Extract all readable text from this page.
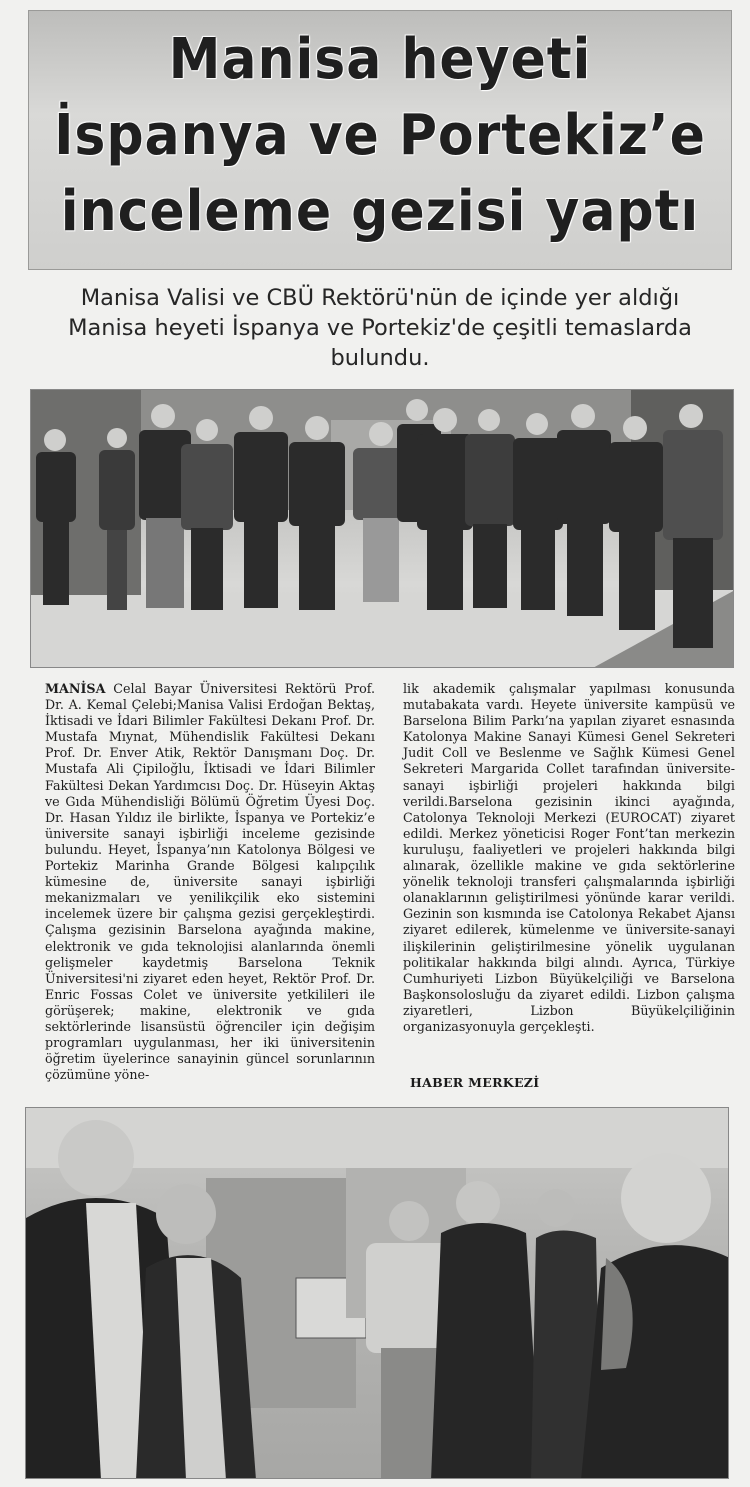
Manisa heyeti
İspanya ve Portekiz’e
inceleme gezisi yaptı

Manisa Valisi ve CBÜ Rektörü'nün de içinde yer aldığı Manisa heyeti İspanya ve Portekiz'de çeşitli temaslarda bulundu.

MANİSA Celal Bayar Üniversitesi Rektörü Prof. Dr. A. Kemal Çelebi;Manisa Valisi Erdoğan Bektaş, İktisadi ve İdari Bilimler Fakültesi Dekanı Prof. Dr. Mustafa Mıynat, Mühendislik Fakültesi Dekanı Prof. Dr. Enver Atik, Rektör Danışmanı Doç. Dr. Mustafa Ali Çipiloğlu, İktisadi ve İdari Bilimler Fakültesi Dekan Yardımcısı Doç. Dr. Hüseyin Aktaş ve Gıda Mühendisliği Bölümü Öğretim Üyesi Doç. Dr. Hasan Yıldız ile birlikte, İspanya ve Portekiz’e üniversite sanayi işbirliği inceleme gezisinde bulundu. Heyet, İspanya’nın Katolonya Bölgesi ve Portekiz Marinha Grande Bölgesi kalıpçılık kümesine de, üniversite sanayi işbirliği mekanizmaları ve yenilikçilik eko sistemini incelemek üzere bir çalışma gezisi gerçekleştirdi. Çalışma gezisinin Barselona ayağında makine, elektronik ve gıda teknolojisi alanlarında önemli gelişmeler kaydetmiş Barselona Teknik Üniversitesi'ni ziyaret eden heyet, Rektör Prof. Dr. Enric Fossas Colet ve üniversite yetkilileri ile görüşerek; makine, elektronik ve gıda sektörlerinde lisansüstü öğrenciler için değişim programları uygulanması, her iki üniversitenin öğretim üyelerince sanayinin güncel sorunlarının çözümüne yöne-

lik akademik çalışmalar yapılması konusunda mutabakata vardı. Heyete üniversite kampüsü ve Barselona Bilim Parkı’na yapılan ziyaret esnasında Katolonya Makine Sanayi Kümesi Genel Sekreteri Judit Coll ve Beslenme ve Sağlık Kümesi Genel Sekreteri Margarida Collet tarafından üniversite-sanayi işbirliği projeleri hakkında bilgi verildi.Barselona gezisinin ikinci ayağında, Catolonya Teknoloji Merkezi (EUROCAT) ziyaret edildi. Merkez yöneticisi Roger Font’tan merkezin kuruluşu, faaliyetleri ve projeleri hakkında bilgi alınarak, özellikle makine ve gıda sektörlerine yönelik teknoloji transferi çalışmalarında işbirliği olanaklarının geliştirilmesi yönünde karar verildi. Gezinin son kısmında ise Catolonya Rekabet Ajansı ziyaret edilerek, kümelenme ve üniversite-sanayi ilişkilerinin geliştirilmesine yönelik uygulanan politikalar hakkında bilgi alındı. Ayrıca, Türkiye Cumhuriyeti Lizbon Büyükelçiliği ve Barselona Başkonsolosluğu da ziyaret edildi. Lizbon çalışma ziyaretleri, Lizbon Büyükelçiliğinin organizasyonuyla gerçekleşti.

HABER MERKEZİ
